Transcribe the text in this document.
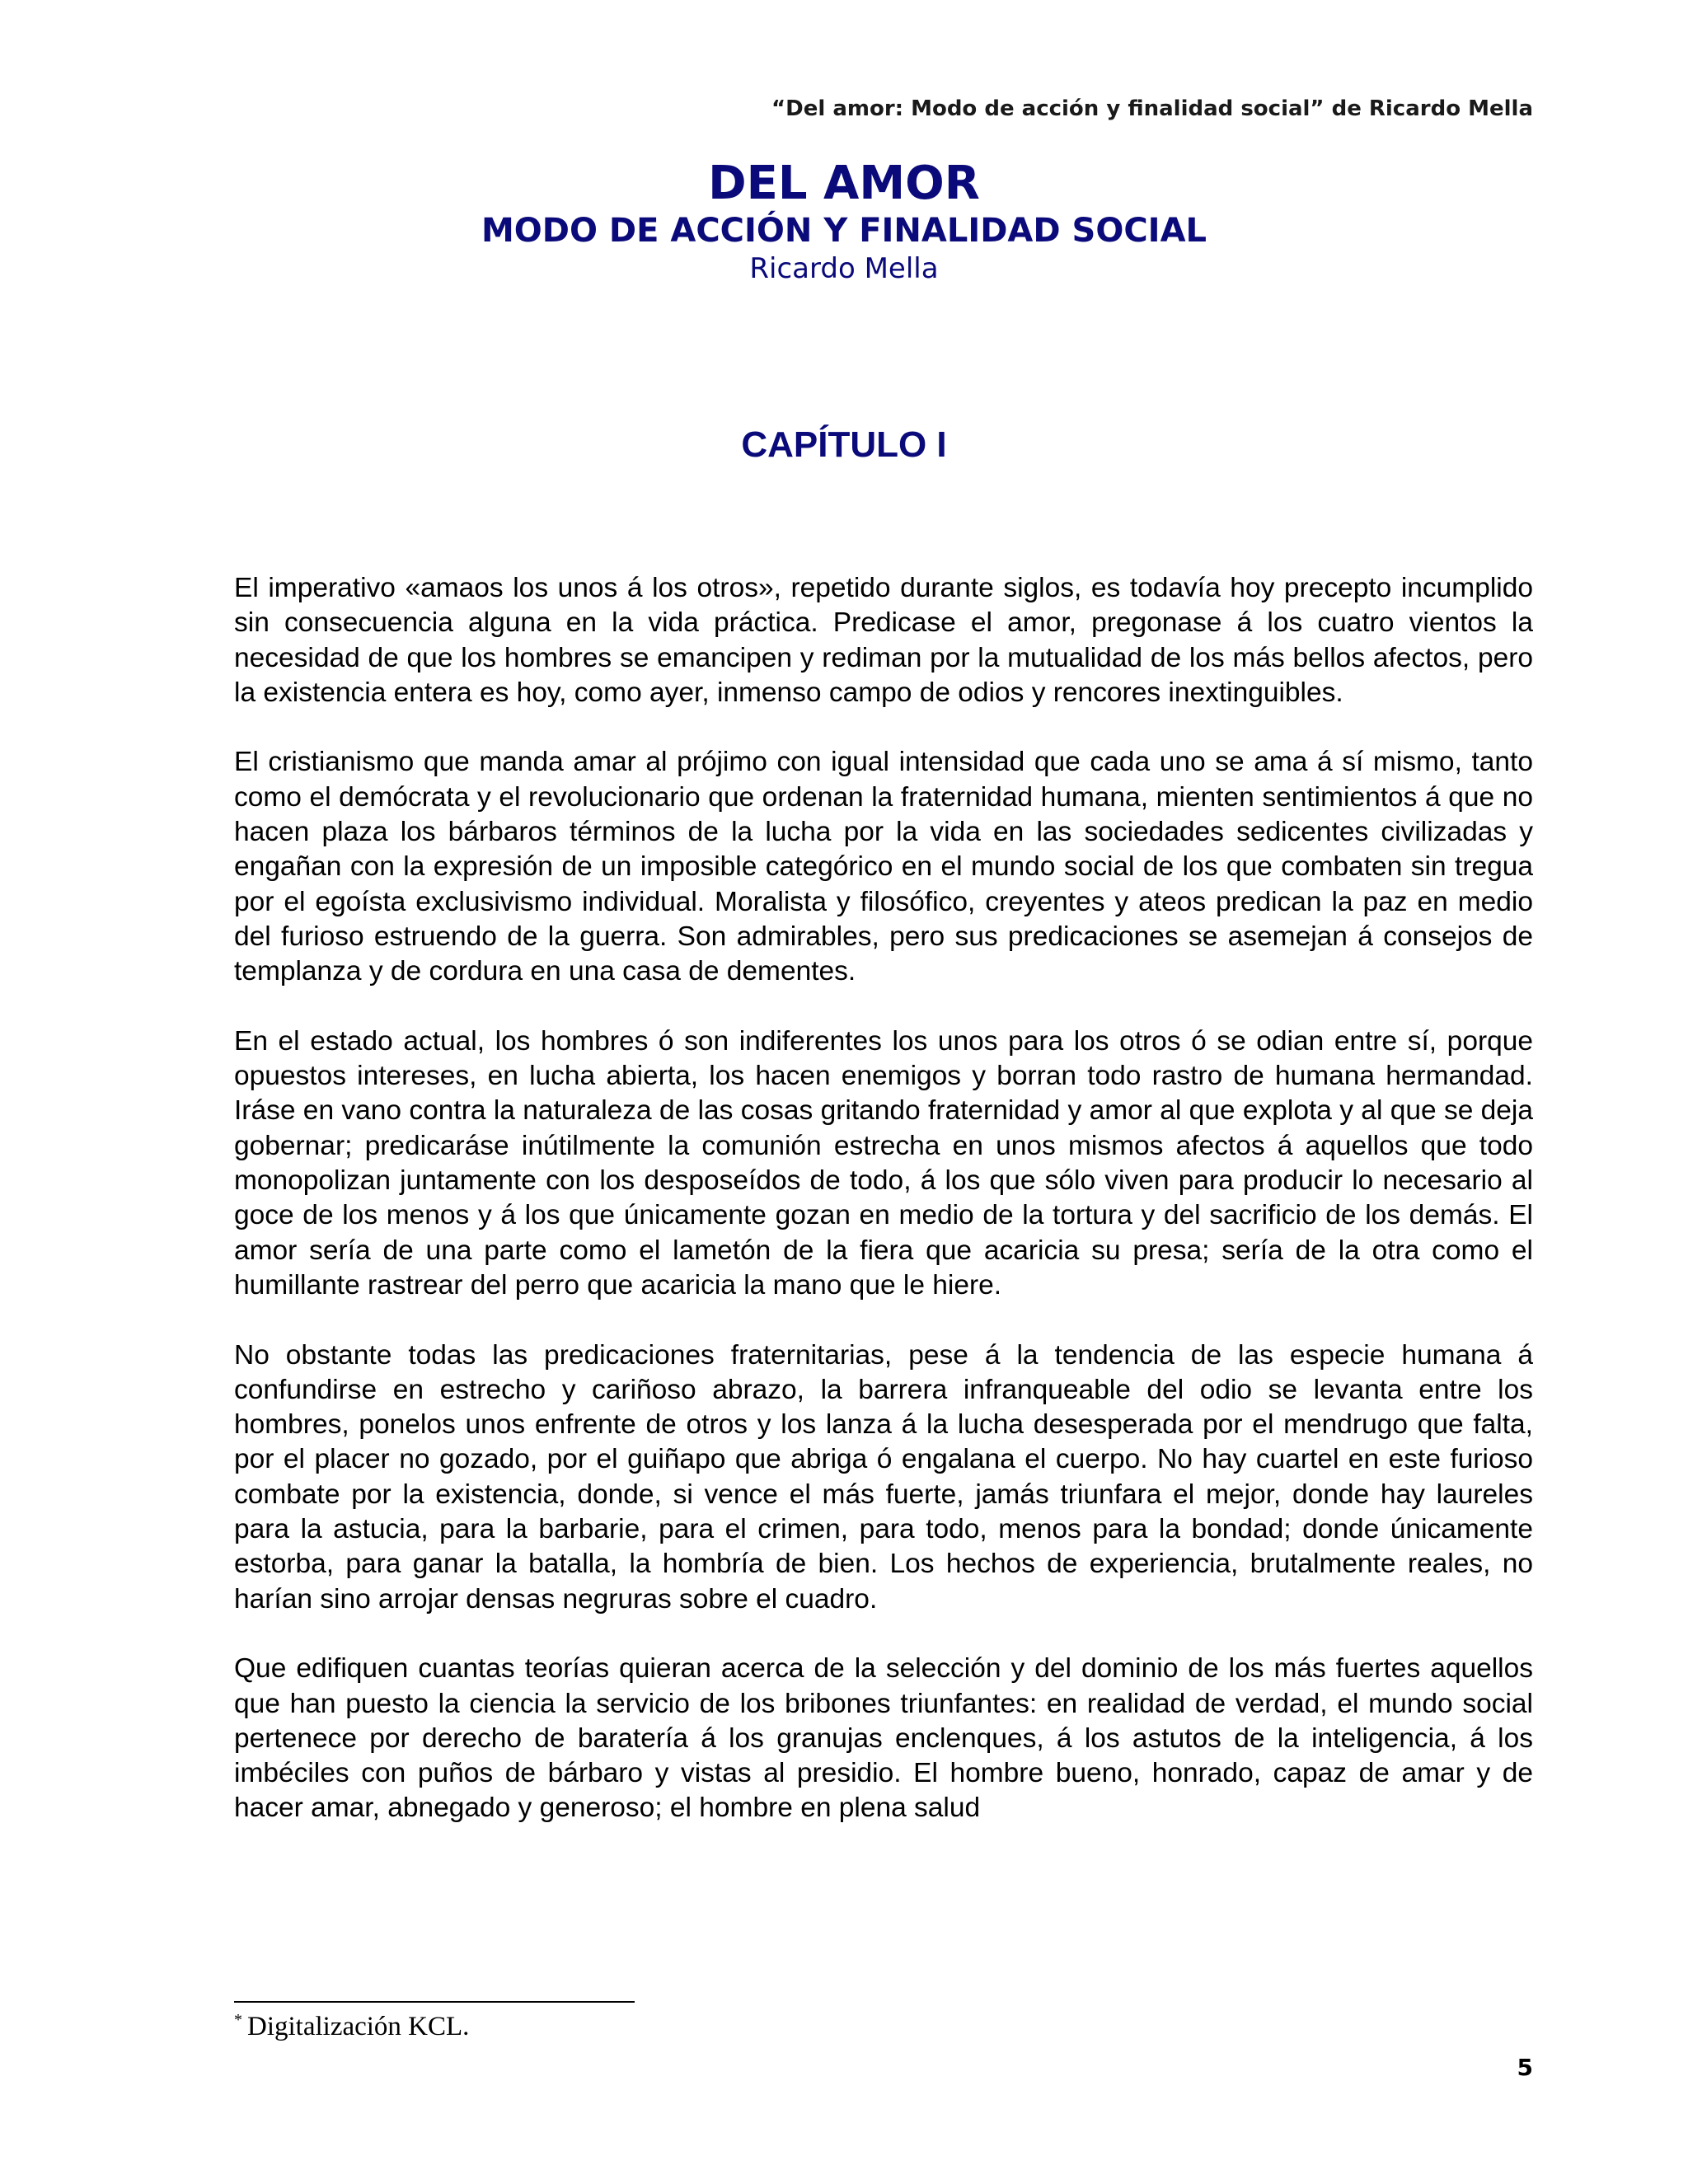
“Del amor: Modo de acción y finalidad social” de Ricardo Mella

DEL AMOR

MODO DE ACCIÓN Y FINALIDAD SOCIAL

Ricardo Mella

CAPÍTULO I

El imperativo «amaos los unos á los otros», repetido durante siglos, es todavía hoy precepto incumplido sin consecuencia alguna en la vida práctica. Predicase el amor, pregonase á los cuatro vientos la necesidad de que los hombres se emancipen y rediman por la mutualidad de los más bellos afectos, pero la existencia entera es hoy, como ayer, inmenso campo de odios y rencores inextinguibles.

El cristianismo que manda amar al prójimo con igual intensidad que cada uno se ama á sí mismo, tanto como el demócrata y el revolucionario que ordenan la fraternidad humana, mienten sentimientos á que no hacen plaza los bárbaros términos de la lucha por la vida en las sociedades sedicentes civilizadas y engañan con la expresión de un imposible categórico en el mundo social de los que combaten sin tregua por el egoísta exclusivismo individual. Moralista y filosófico, creyentes y ateos predican la paz en medio del furioso estruendo de la guerra. Son admirables, pero sus predicaciones se asemejan á consejos de templanza y de cordura en una casa de dementes.

En el estado actual, los hombres ó son indiferentes los unos para los otros ó se odian entre sí, porque opuestos intereses, en lucha abierta, los hacen enemigos y borran todo rastro de humana hermandad. Iráse en vano contra la naturaleza de las cosas gritando fraternidad y amor al que explota y al que se deja gobernar; predicaráse inútilmente la comunión estrecha en unos mismos afectos á aquellos que todo monopolizan juntamente con los desposeídos de todo, á los que sólo viven para producir lo necesario al goce de los menos y á los que únicamente gozan en medio de la tortura y del sacrificio de los demás. El amor sería de una parte como el lametón de la fiera que acaricia su presa; sería de la otra como el humillante rastrear del perro que acaricia la mano que le hiere.

No obstante todas las predicaciones fraternitarias, pese á la tendencia de las especie humana á confundirse en estrecho y cariñoso abrazo, la barrera infranqueable del odio se levanta entre los hombres, ponelos unos enfrente de otros y los lanza á la lucha desesperada por el mendrugo que falta, por el placer no gozado, por el guiñapo que abriga ó engalana el cuerpo. No hay cuartel en este furioso combate por la existencia, donde, si vence el más fuerte, jamás triunfara el mejor, donde hay laureles para la astucia, para la barbarie, para el crimen, para todo, menos para la bondad; donde únicamente estorba, para ganar la batalla, la hombría de bien. Los hechos de experiencia, brutalmente reales, no harían sino arrojar densas negruras sobre el cuadro.

Que edifiquen cuantas teorías quieran acerca de la selección y del dominio de los más fuertes aquellos que han puesto la ciencia la servicio de los bribones triunfantes: en realidad de verdad, el mundo social pertenece por derecho de baratería á los granujas enclenques, á los astutos de la inteligencia, á los imbéciles con puños de bárbaro y vistas al presidio. El hombre bueno, honrado, capaz de amar y de hacer amar, abnegado y generoso; el hombre en plena salud

* Digitalización KCL.
5
